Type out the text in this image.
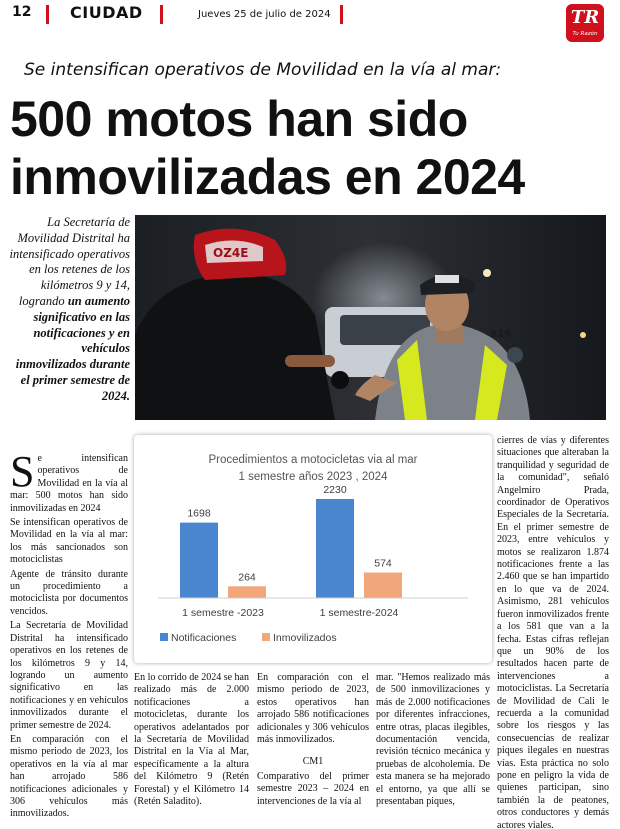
12 CIUDAD	Jueves 25 de julio de 2024	TR
Tu Razón
Se intensifican operativos de Movilidad en la vía al mar:
500 motos han sido
inmovilizadas en 2024
La Secretaría de Movilidad Distrital ha intensificado operativos en los retenes de los kilómetros 9 y 14, logrando un aumento significativo en las notificaciones y en vehículos inmovilizados durante el primer semestre de 2024.
OZ4E
815
Procedimientos a motocicletas via al mar
1 semestre años 2023 , 2024
1698
264
1 semestre -2023
2230
574
1 semestre-2024
Notificaciones	Inmovilizados

Se intensifican operativos de Movilidad en la vía al mar: 500 motos han sido inmovilizadas en 2024

Se intensifican operativos de Movilidad en la vía al mar: los más sancionados son motociclistas

Agente de tránsito durante un procedimiento a motociclista por documentos vencidos.

La Secretaría de Movilidad Distrital ha intensificado operativos en los retenes de los kilómetros 9 y 14, logrando un aumento significativo en las notificaciones y en vehículos inmovilizados durante el primer semestre de 2024.

En comparación con el mismo periodo de 2023, los operativos en la vía al mar han arrojado 586 notificaciones adicionales y 306 vehículos más inmovilizados.

En lo corrido de 2024 se han realizado más de 2.000 notificaciones a motocicletas, durante los operativos adelantados por la Secretaría de Movilidad Distrital en la Vía al Mar, específicamente a la altura del Kilómetro 9 (Retén Forestal) y el Kilómetro 14 (Retén Saladito).

En comparación con el mismo periodo de 2023, estos operativos han arrojado 586 notificaciones adicionales y 306 vehículos más inmovilizados.

CM1

Comparativo del primer semestre 2023 – 2024 en intervenciones de la vía al

mar. "Hemos realizado más de 500 inmovilizaciones y más de 2.000 notificaciones por diferentes infracciones, entre otras, placas ilegibles, documentación vencida, revisión técnico mecánica y pruebas de alcoholemia. De esta manera se ha mejorado el entorno, ya que allí se presentaban piques,

cierres de vías y diferentes situaciones que alteraban la tranquilidad y seguridad de la comunidad", señaló Angelmiro Prada, coordinador de Operativos Especiales de la Secretaría. En el primer semestre de 2023, entre vehículos y motos se realizaron 1.874 notificaciones frente a las 2.460 que se han impartido en lo que va de 2024. Asimismo, 281 vehículos fueron inmovilizados frente a los 581 que van a la fecha. Estas cifras reflejan que un 90% de los resultados hacen parte de intervenciones a motociclistas. La Secretaría de Movilidad de Cali le recuerda a la comunidad sobre los riesgos y las consecuencias de realizar piques ilegales en nuestras vías. Esta práctica no solo pone en peligro la vida de quienes participan, sino también la de peatones, otros conductores y demás actores viales.
